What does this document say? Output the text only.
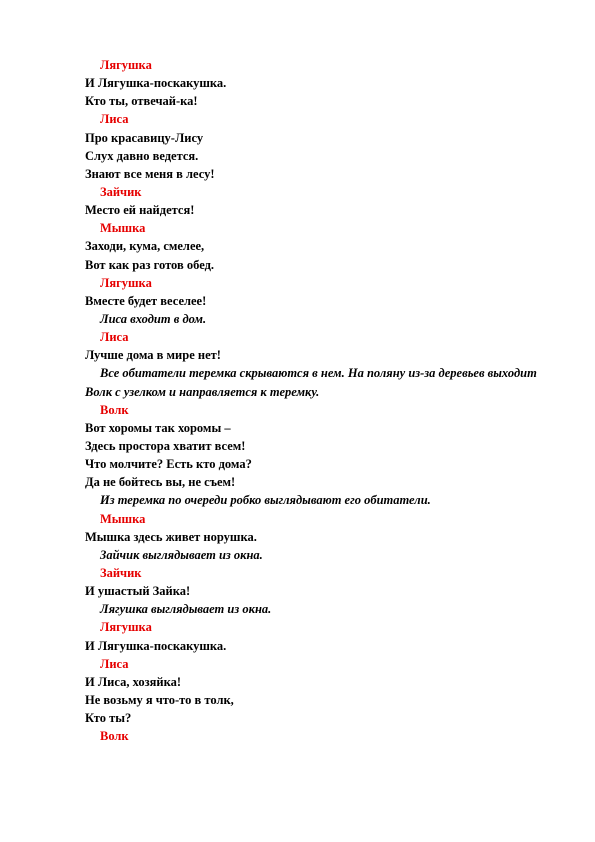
Лягушка
И Лягушка-поскакушка.
Кто ты, отвечай-ка!
Лиса
Про красавицу-Лису
Слух давно ведется.
Знают все меня в лесу!
Зайчик
Место ей найдется!
Мышка
Заходи, кума, смелее,
Вот как раз готов обед.
Лягушка
Вместе будет веселее!
Лиса входит в дом.
Лиса
Лучше дома в мире нет!
Все обитатели теремка скрываются в нем. На поляну из-за деревьев выходит Волк с узелком и направляется к теремку.
Волк
Вот хоромы так хоромы –
Здесь простора хватит всем!
Что молчите? Есть кто дома?
Да не бойтесь вы, не съем!
Из теремка по очереди робко выглядывают его обитатели.
Мышка
Мышка здесь живет норушка.
Зайчик выглядывает из окна.
Зайчик
И ушастый Зайка!
Лягушка выглядывает из окна.
Лягушка
И Лягушка-поскакушка.
Лиса
И Лиса, хозяйка!
Не возьму я что-то в толк,
Кто ты?
Волк
